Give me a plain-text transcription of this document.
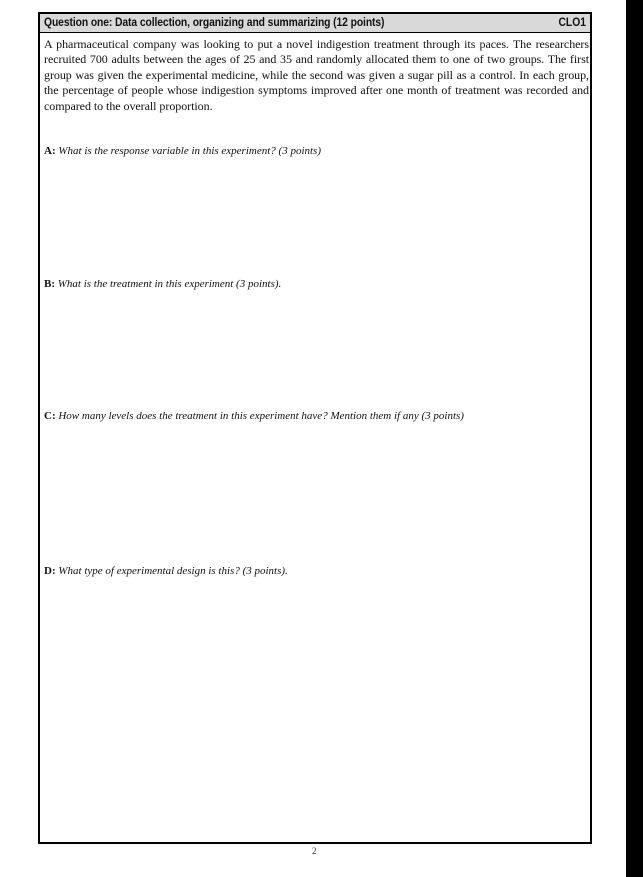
Question one: Data collection, organizing and summarizing (12 points)	CLO1

A pharmaceutical company was looking to put a novel indigestion treatment through its paces. The researchers recruited 700 adults between the ages of 25 and 35 and randomly allocated them to one of two groups. The first group was given the experimental medicine, while the second was given a sugar pill as a control. In each group, the percentage of people whose indigestion symptoms improved after one month of treatment was recorded and compared to the overall proportion.

A: What is the response variable in this experiment? (3 points)

B: What is the treatment in this experiment (3 points).

C: How many levels does the treatment in this experiment have? Mention them if any (3 points)

D: What type of experimental design is this? (3 points).

2
